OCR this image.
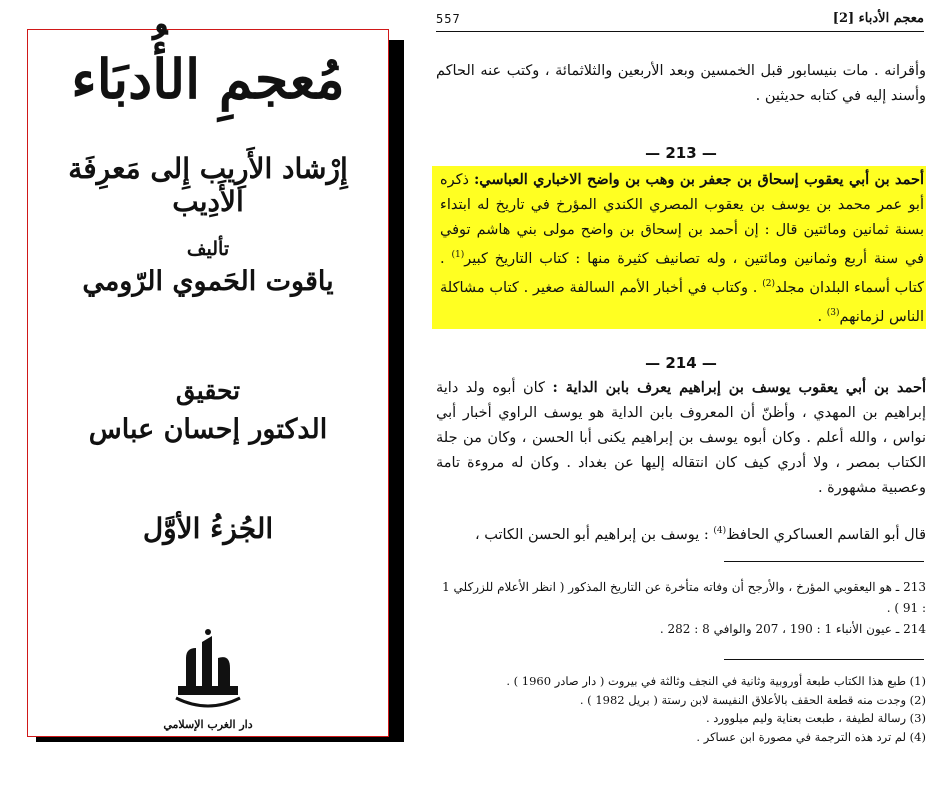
مُعجمِ الأُدبَاء
إِرْشاد الأَرِيب إِلى مَعرِفَة الأَدِيب
تأليف
ياقوت الحَموي الرّومي
تحقيق
الدكتور إحسان عباس
الجُزءُ الأوَّل
دار الغرب الإسلامي
557	معجم الأدباء [2]
وأقرانه . مات بنيسابور قبل الخمسين وبعد الأربعين والثلاثمائة ، وكتب عنه الحاكم وأسند إليه في كتابه حديثين .
— 213 —
أحمد بن أبي يعقوب إسحاق بن جعفر بن وهب بن واضح الاخباري العباسي: ذكره أبو عمر محمد بن يوسف بن يعقوب المصري الكندي المؤرخ في تاريخ له ابتداء بسنة ثمانين ومائتين قال : إن أحمد بن إسحاق بن واضح مولى بني هاشم توفي في سنة أربع وثمانين ومائتين ، وله تصانيف كثيرة منها : كتاب التاريخ كبير$^{(1)}$ . كتاب أسماء البلدان مجلد$^{(2)}$ . وكتاب في أخبار الأمم السالفة صغير . كتاب مشاكلة الناس لزمانهم$^{(3)}$ .
— 214 —
أحمد بن أبي يعقوب يوسف بن إبراهيم يعرف بابن الداية : كان أبوه ولد داية إبراهيم بن المهدي ، وأظنّ أن المعروف بابن الداية هو يوسف الراوي أخبار أبي نواس ، والله أعلم . وكان أبوه يوسف بن إبراهيم يكنى أبا الحسن ، وكان من جلة الكتاب بمصر ، ولا أدري كيف كان انتقاله إليها عن بغداد . وكان له مروءة تامة وعصبية مشهورة .
قال أبو القاسم العساكري الحافظ$^{(4)}$ : يوسف بن إبراهيم أبو الحسن الكاتب ،
213 ـ هو اليعقوبي المؤرخ ، والأرجح أن وفاته متأخرة عن التاريخ المذكور ( انظر الأعلام للزركلي 1 : 91 ) .
214 ـ عيون الأنباء 1 : 190 ، 207 والوافي 8 : 282 .
(1) طبع هذا الكتاب طبعة أوروبية وثانية في النجف وثالثة في بيروت ( دار صادر 1960 ) .
(2) وجدت منه قطعة الحقف بالأعلاق النفيسة لابن رستة ( بريل 1982 ) .
(3) رسالة لطيفة ، طبعت بعناية وليم ميلوورد .
(4) لم ترد هذه الترجمة في مصورة ابن عساكر .
